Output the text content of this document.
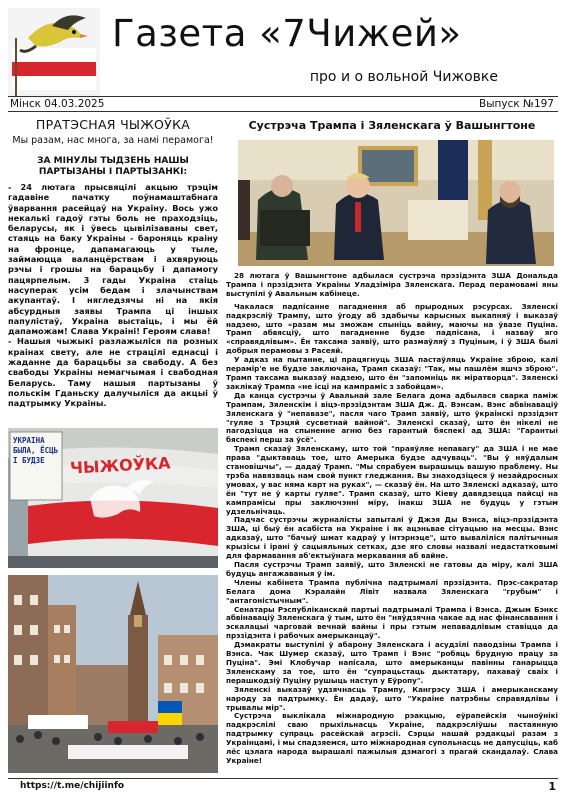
Газета «7Чижей»
про и о вольной Чижовке
Мінск 04.03.2025	Выпуск №197
ПРАТЭСНАЯ ЧЫЖОЎКА
Мы разам, нас многа, за намі перамога!
ЗА МІНУЛЫ ТЫДЗЕНЬ НАШЫ ПАРТЫЗАНЫ І ПАРТЫЗАНКІ:

- 24 лютага прысвяцілі акцыю трэцім гадавіне пачатку поўнамаштабнага ўварвання расейцаў на Украіну. Вось ужо некалькі гадоў гэты боль не праходзіць, беларусы, як і ўвесь цывілізаваны свет, стаяць на баку Украіны - бароняць краіну на фронце, дапамагаюць у тыле, займаюцца валанцёрствам і ахвяруюць рэчы і грошы на барацьбу і дапамогу пацярпелым. 3 гады Украіна стаіць насуперак усім бедам і злачынствам акупантаў. І нягледзячы ні на якія абсурдныя заявы Трампа ці іншых папулістаў, Украіна выстаіць, і мы ёй дапаможам! Слава Украіні! Героям слава!

- Нашыя чыжыкі разлажыліся па розных краінах свету, але не страцілі еднасці і жаданне да барацьбы за свабоду. А без свабоды Украіны немагчымая і свабодная Беларусь. Таму нашыя партызаны ў польскім Гданьску далучыліся да акцыі ў падтрымку Украіны.

УКРАІНА БЫЛА, ЁСЦЬ І БУДЗЕ	ЧЫЖОЎКА
Сустрэча Трампа і Зяленскага ў Вашынгтоне

28 лютага ў Вашынгтоне адбылася сустрэча прэзідэнта ЗША Дональда Трампа і прэзідэнта Украіны Уладзіміра Зяленскага. Перад перамовамі яны выступілі ў Авальным кабінеце.

Чакалася падпісанне пагаднення аб прыродных рэсурсах. Зяленскі падкрэсліў Трампу, што ўгоду аб здабычы карысных выкапняў і выказаў надзею, што «разам мы зможам спыніць вайну, маючы на ўвазе Пуціна. Трамп абвясціў, што пагадненне будзе падпісана, і назваў яго «справядлівым». Ён таксама заявіў, што размаўляў з Пуціным, і ў ЗША былі добрыя перамовы з Расеяй.

У адказ на пытанне, ці працягнуць ЗША пастаўляць Украіне зброю, калі перамір'е не будзе заключана, Трамп сказаў: "Так, мы пашлём яшчэ зброю". Трамп таксама выказаў надзею, што ён "запомніць як міратворца". Зяленскі заклікаў Трампа «не ісці на кампраміс з забойцам».

Да канца сустрэчы ў Авальнай зале Белага дома адбылася сварка паміж Трампам, Зяленскім і віцэ-прэзідэнтам ЗША Дж. Д. Вэнсам. Вэнс абвінаваціў Зяленскага ў "непавазе", пасля чаго Трамп заявіў, што ўкраінскі прэзідэнт "гуляе з Трэцяй сусветнай вайной". Зяленскі сказаў, што ён нікелі не пагодзіцца на спыненне агню без гарантый бяспекі ад ЗША: "Гарантыі бяспекі перш за ўсё".

Трамп сказаў Зяленскаму, што той "праяўляе непавагу" да ЗША і не мае права "дыктаваць тое, што Амерыка будзе адчуваць". "Вы ў няўдалым становішчы", — дадаў Трамп. "Мы спрабуем вырашыць вашую праблему. Ны трэба навязваць нам свой пункт гледжання. Вы знаходзіцеся ў незайдросных умовах, у вас няма карт на руках", — сказаў ён. На што Зяленскі адказаў, што ён "тут не ў карты гуляе". Трамп сказаў, што Кіеву давядзецца пайсці на кампрамісы пры заключэнні міру, інакш ЗША не будуць у гэтым удзельнічаць.

Падчас сустрэчы журналісты запыталі ў Джэя Ды Вэнса, віцэ-прэзідэнта ЗША, ці быў ён асабіста на Украіне і як ацэньвае сітуацыю на месцы. Вэнс адказаў, што "бачыў шмат кадраў у інтэрнэце", што вываліліся палітычныя крызісы і ірані ў сацыяльных сетках, дзе яго словы назвалі недастатковымі для фармавання аб'ектыўнага меркавання аб вайне.

Пасля сустрэчы Трамп заявіў, што Зяленскі не гатовы да міру, калі ЗША будуць ангажаваныя ў ім.

Члены кабінета Трампа публічна падтрымалі прэзідэнта. Прэс-сакратар Белага дома Кэралайн Лівіт назвала Зяленскага "грубым" і "антагоністычным".

Сенатары Рэспубліканскай партыі падтрымалі Трампа і Вэнса. Джым Бэнкс абвінаваціў Зяленскага ў тым, што ён "няўдзячна чакае ад нас фінансавання і эскалацыі чарговай вечнай вайны і пры гэтым непавадлівым ставіцца да прэзідэнта і рабочых амерыканцаў".

Дэмакраты выступілі ў абарону Зяленскага і асудзілі паводзіны Трампа і Вэнса. Чак Шумер сказаў, што Трамп і Вэнс "робяць брудную працу за Пуціна". Эмі Клобучар напісала, што амерыканцы павінны ганарыцца Зяленскаму за тое, што ён "супрацьстаць дыктатару, пахаваў сваіх і перашкодзіў Пуціну рушыць наступ у Еўропу".

Зяленскі выказаў удзячнасць Трампу, Кангрэсу ЗША і амерыканскаму народу за падтрымку. Ён дадаў, што "Украіне патрэбны справядлівы і трывалы мір".

Сустрэча выклікала міжнародную рэакцыю, еўрапейскія чыноўнікі падкрэслілі сваю прыхільнасць Украіне, падкрэсліўшы пастаянную падтрымку супраць расейскай агрэсіі. Сэрцы нашай рэдакцыі разам з Украінцамі, і мы спадзяемся, што міжнародная супольнасць не дапусціць, каб лёс цэлага народа вырашалі пажылыя дзмагогі з прагай скандалаў. Слава Украіне!

https://t.me/chijiinfo	1
